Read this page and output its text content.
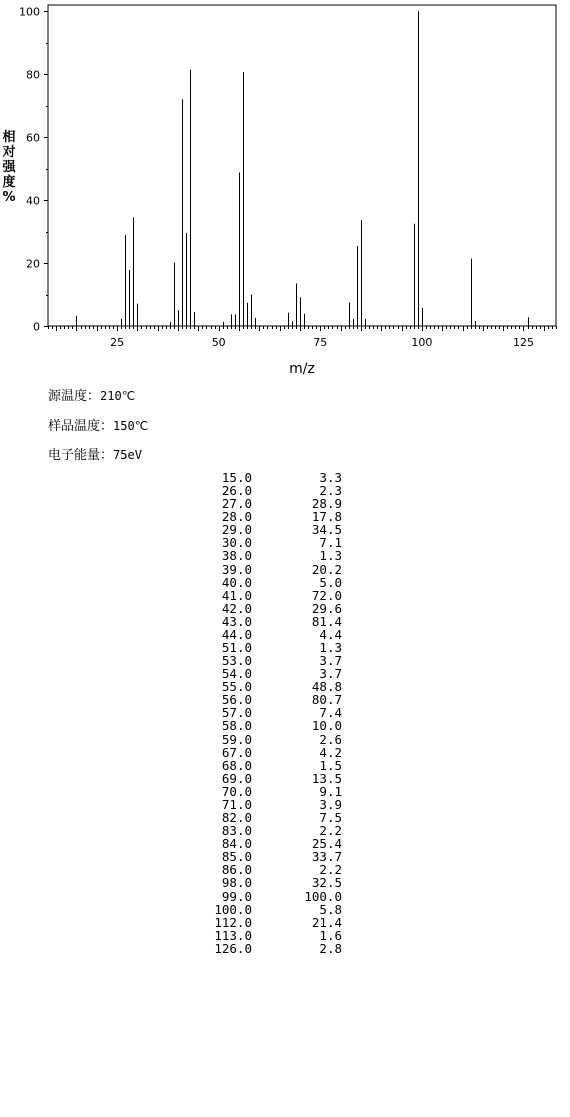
25	50	75	100	125
0
20
40
60
80
100
m/z
相对强度%
源温度：210℃
样品温度：150℃
电子能量：75eV
15.0	3.3
26.0	2.3
27.0	28.9
28.0	17.8
29.0	34.5
30.0	7.1
38.0	1.3
39.0	20.2
40.0	5.0
41.0	72.0
42.0	29.6
43.0	81.4
44.0	4.4
51.0	1.3
53.0	3.7
54.0	3.7
55.0	48.8
56.0	80.7
57.0	7.4
58.0	10.0
59.0	2.6
67.0	4.2
68.0	1.5
69.0	13.5
70.0	9.1
71.0	3.9
82.0	7.5
83.0	2.2
84.0	25.4
85.0	33.7
86.0	2.2
98.0	32.5
99.0	100.0
100.0	5.8
112.0	21.4
113.0	1.6
126.0	2.8
